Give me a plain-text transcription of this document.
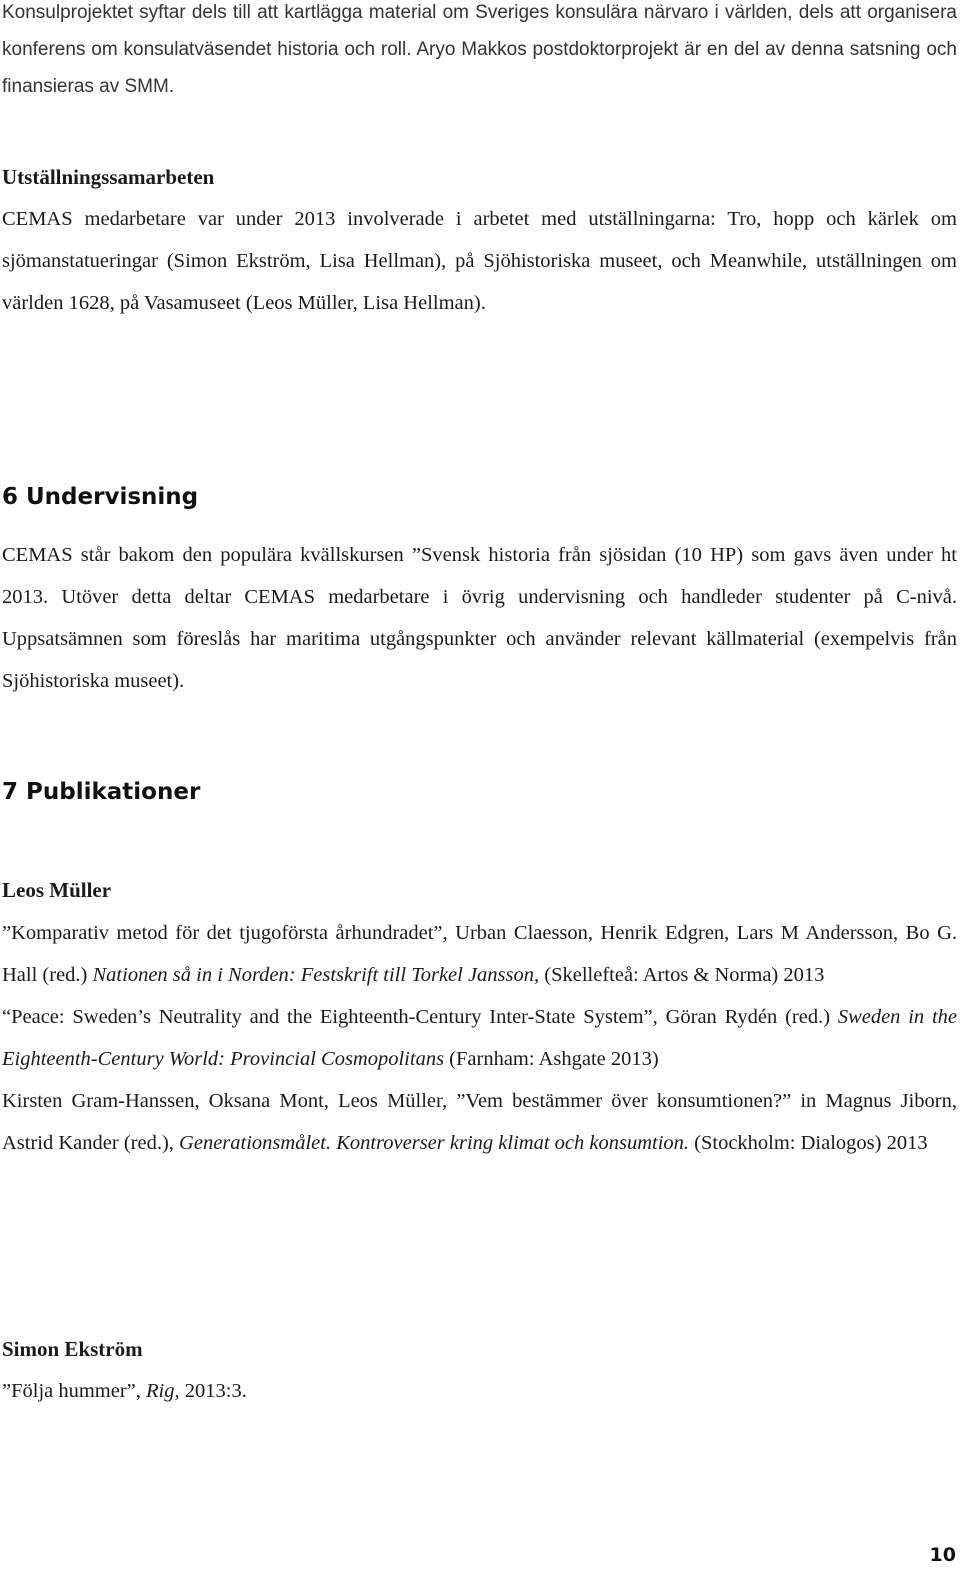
Konsulprojektet syftar dels till att kartlägga material om Sveriges konsulära närvaro i världen, dels att organisera konferens om konsulatväsendet historia och roll. Aryo Makkos postdoktorprojekt är en del av denna satsning och finansieras av SMM.

Utställningssamarbeten

CEMAS medarbetare var under 2013 involverade i arbetet med utställningarna: Tro, hopp och kärlek om sjömanstatueringar (Simon Ekström, Lisa Hellman), på Sjöhistoriska museet, och Meanwhile, utställningen om världen 1628, på Vasamuseet (Leos Müller, Lisa Hellman).

6 Undervisning

CEMAS står bakom den populära kvällskursen ”Svensk historia från sjösidan (10 HP) som gavs även under ht 2013. Utöver detta deltar CEMAS medarbetare i övrig undervisning och handleder studenter på C-nivå. Uppsatsämnen som föreslås har maritima utgångspunkter och använder relevant källmaterial (exempelvis från Sjöhistoriska museet).

7 Publikationer
Leos Müller

”Komparativ metod för det tjugoförsta århundradet”, Urban Claesson, Henrik Edgren, Lars M Andersson, Bo G. Hall (red.) Nationen så in i Norden: Festskrift till Torkel Jansson, (Skellefteå: Artos & Norma) 2013

“Peace: Sweden’s Neutrality and the Eighteenth-Century Inter-State System”, Göran Rydén (red.) Sweden in the Eighteenth-Century World: Provincial Cosmopolitans (Farnham: Ashgate 2013)

Kirsten Gram-Hanssen, Oksana Mont, Leos Müller, ”Vem bestämmer över konsumtionen?” in Magnus Jiborn, Astrid Kander (red.), Generationsmålet. Kontroverser kring klimat och konsumtion. (Stockholm: Dialogos) 2013

Simon Ekström

”Följa hummer”, Rig, 2013:3.

10
